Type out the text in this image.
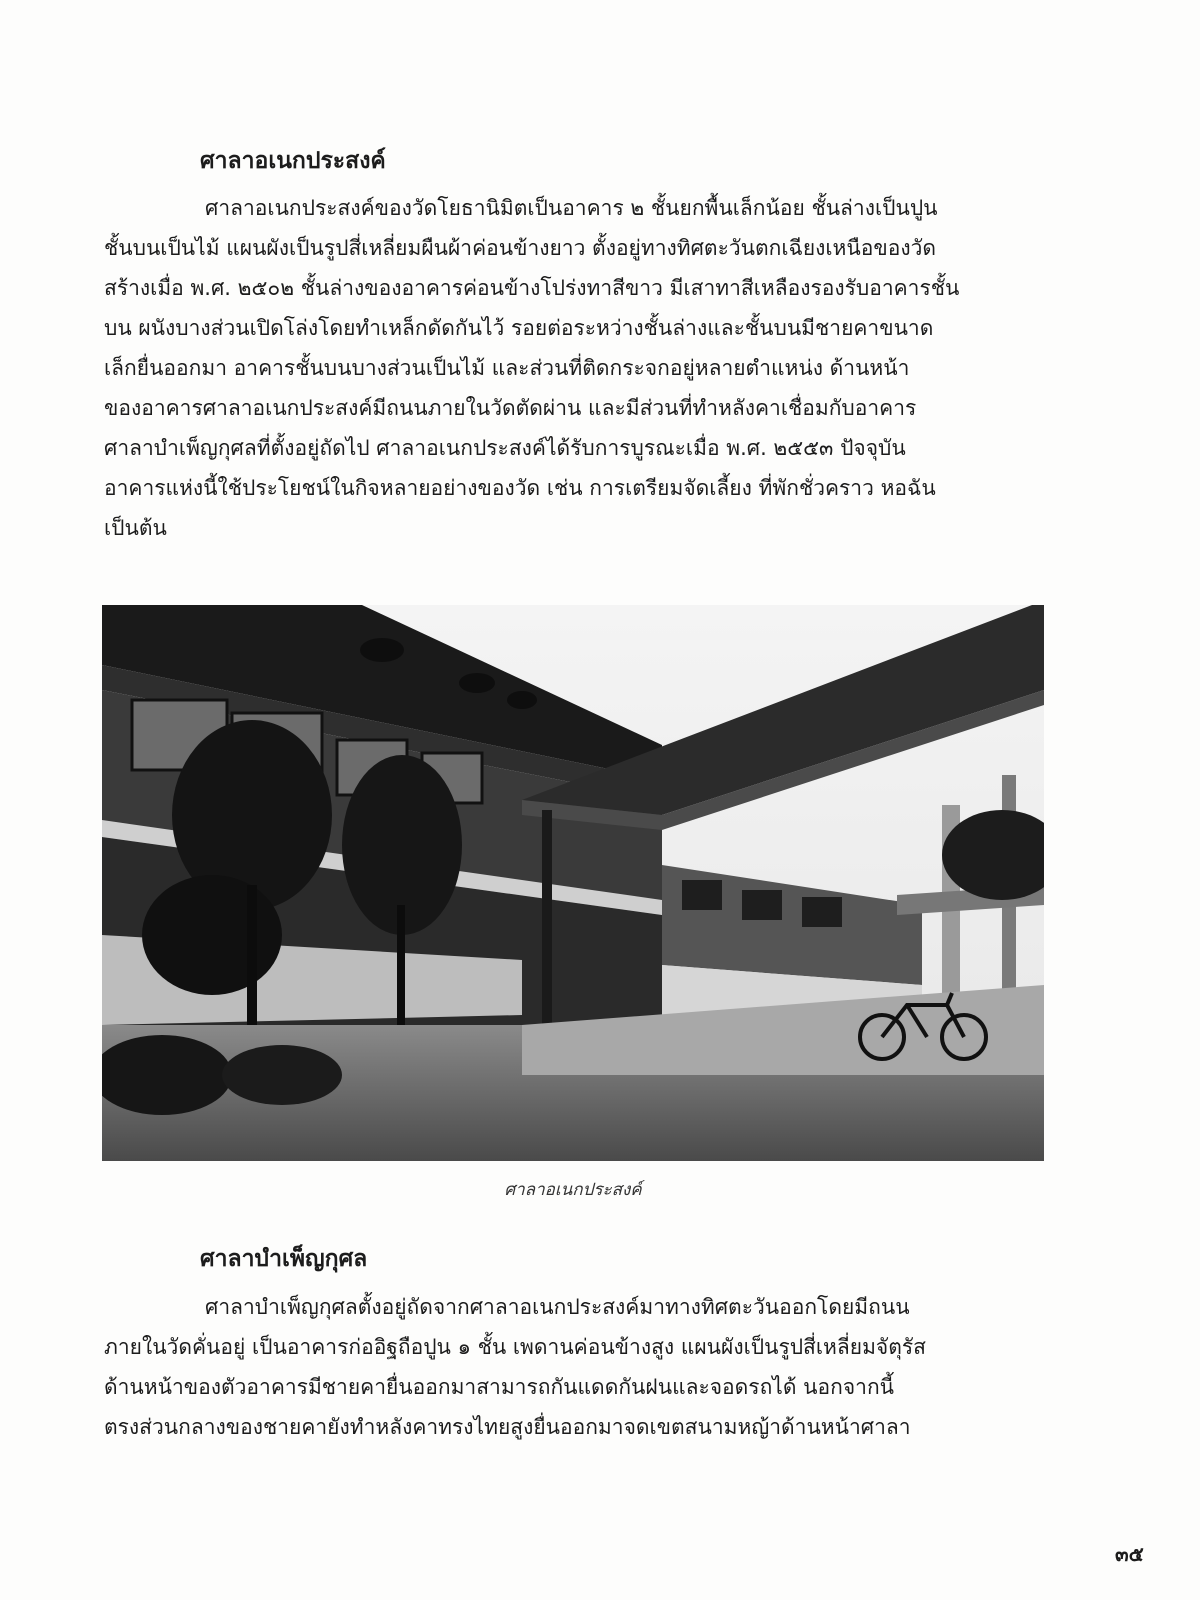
ศาลาอเนกประสงค์
ศาลาอเนกประสงค์ของวัดโยธานิมิตเป็นอาคาร ๒ ชั้นยกพื้นเล็กน้อย ชั้นล่างเป็นปูน
ชั้นบนเป็นไม้ แผนผังเป็นรูปสี่เหลี่ยมผืนผ้าค่อนข้างยาว ตั้งอยู่ทางทิศตะวันตกเฉียงเหนือของวัด
สร้างเมื่อ พ.ศ. ๒๕๐๒ ชั้นล่างของอาคารค่อนข้างโปร่งทาสีขาว มีเสาทาสีเหลืองรองรับอาคารชั้น
บน ผนังบางส่วนเปิดโล่งโดยทำเหล็กดัดกันไว้ รอยต่อระหว่างชั้นล่างและชั้นบนมีชายคาขนาด
เล็กยื่นออกมา อาคารชั้นบนบางส่วนเป็นไม้ และส่วนที่ติดกระจกอยู่หลายตำแหน่ง ด้านหน้า
ของอาคารศาลาอเนกประสงค์มีถนนภายในวัดตัดผ่าน และมีส่วนที่ทำหลังคาเชื่อมกับอาคาร
ศาลาบำเพ็ญกุศลที่ตั้งอยู่ถัดไป ศาลาอเนกประสงค์ได้รับการบูรณะเมื่อ พ.ศ. ๒๕๕๓ ปัจจุบัน
อาคารแห่งนี้ใช้ประโยชน์ในกิจหลายอย่างของวัด เช่น การเตรียมจัดเลี้ยง ที่พักชั่วคราว หอฉัน
เป็นต้น

ศาลาอเนกประสงค์

ศาลาบำเพ็ญกุศล
ศาลาบำเพ็ญกุศลตั้งอยู่ถัดจากศาลาอเนกประสงค์มาทางทิศตะวันออกโดยมีถนน
ภายในวัดคั่นอยู่ เป็นอาคารก่ออิฐถือปูน ๑ ชั้น เพดานค่อนข้างสูง แผนผังเป็นรูปสี่เหลี่ยมจัตุรัส
ด้านหน้าของตัวอาคารมีชายคายื่นออกมาสามารถกันแดดกันฝนและจอดรถได้ นอกจากนี้
ตรงส่วนกลางของชายคายังทำหลังคาทรงไทยสูงยื่นออกมาจดเขตสนามหญ้าด้านหน้าศาลา

๓๕
